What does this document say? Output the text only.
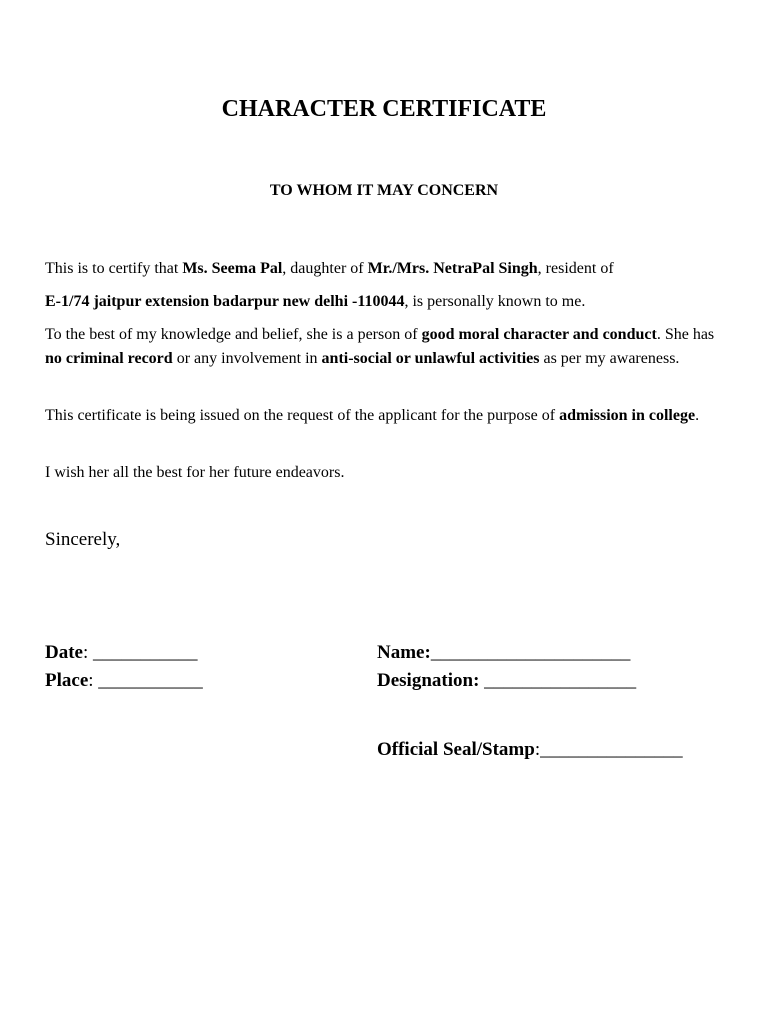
CHARACTER CERTIFICATE
TO WHOM IT MAY CONCERN

This is to certify that Ms. Seema Pal, daughter of Mr./Mrs. NetraPal Singh, resident of

E-1/74 jaitpur extension badarpur new delhi -110044, is personally known to me.

To the best of my knowledge and belief, she is a person of good moral character and conduct. She has no criminal record or any involvement in anti-social or unlawful activities as per my awareness.

This certificate is being issued on the request of the applicant for the purpose of admission in college.

I wish her all the best for her future endeavors.

Sincerely,

Date: ___________

Place: ___________

Name:_____________________

Designation: ________________

Official Seal/Stamp:_______________
